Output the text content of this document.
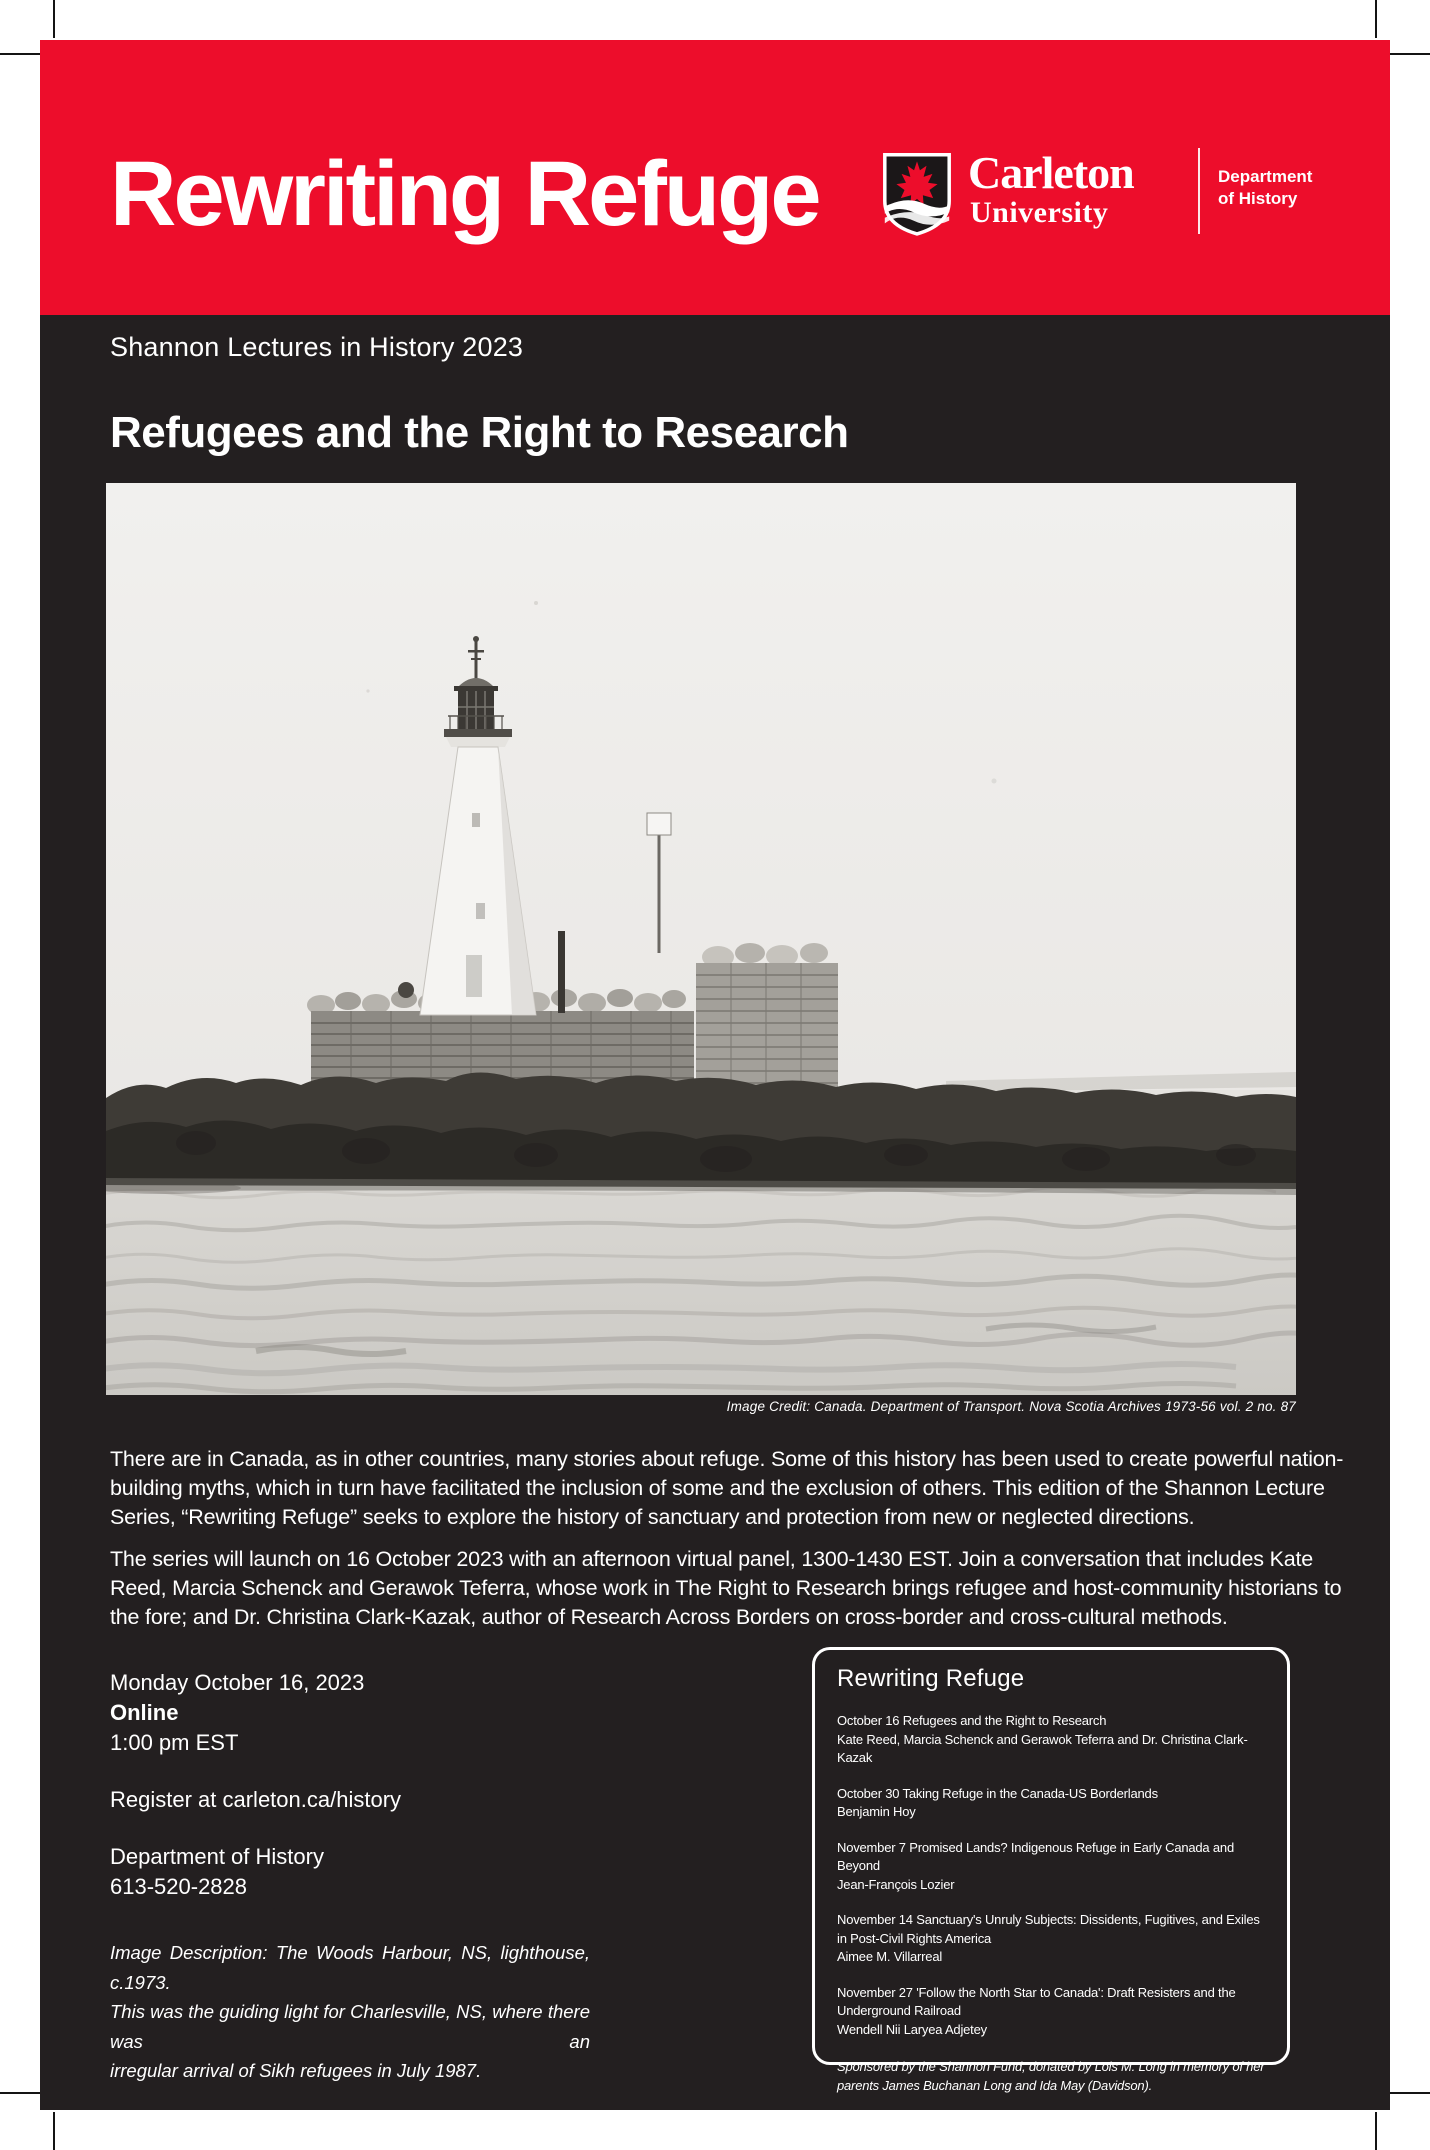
Rewriting Refuge	Carleton
University
Department
of History
Shannon Lectures in History 2023
Refugees and the Right to Research
Image Credit: Canada. Department of Transport. Nova Scotia Archives 1973-56 vol. 2 no. 87
There are in Canada, as in other countries, many stories about refuge. Some of this history has been used to create powerful nation-building myths, which in turn have facilitated the inclusion of some and the exclusion of others. This edition of the Shannon Lecture Series, “Rewriting Refuge” seeks to explore the history of sanctuary and protection from new or neglected directions.
The series will launch on 16 October 2023 with an afternoon virtual panel, 1300-1430 EST. Join a conversation that includes Kate Reed, Marcia Schenck and Gerawok Teferra, whose work in The Right to Research brings refugee and host-community historians to the fore; and Dr. Christina Clark-Kazak, author of Research Across Borders on cross-border and cross-cultural methods.
Monday October 16, 2023
Online
1:00 pm EST
Register at carleton.ca/history
Department of History
613-520-2828
Image Description: The Woods Harbour, NS, lighthouse, c.1973.
This was the guiding light for Charlesville, NS, where there was an
irregular arrival of Sikh refugees in July 1987.
Rewriting Refuge
October 16 Refugees and the Right to Research
Kate Reed, Marcia Schenck and Gerawok Teferra and Dr. Christina Clark-Kazak
October 30 Taking Refuge in the Canada-US Borderlands
Benjamin Hoy
November 7 Promised Lands? Indigenous Refuge in Early Canada and Beyond
Jean-François Lozier
November 14 Sanctuary's Unruly Subjects: Dissidents, Fugitives, and Exiles in Post-Civil Rights America
Aimee M. Villarreal
November 27 'Follow the North Star to Canada': Draft Resisters and the Underground Railroad
Wendell Nii Laryea Adjetey
Sponsored by the Shannon Fund, donated by Lois M. Long in memory of her parents James Buchanan Long and Ida May (Davidson).
